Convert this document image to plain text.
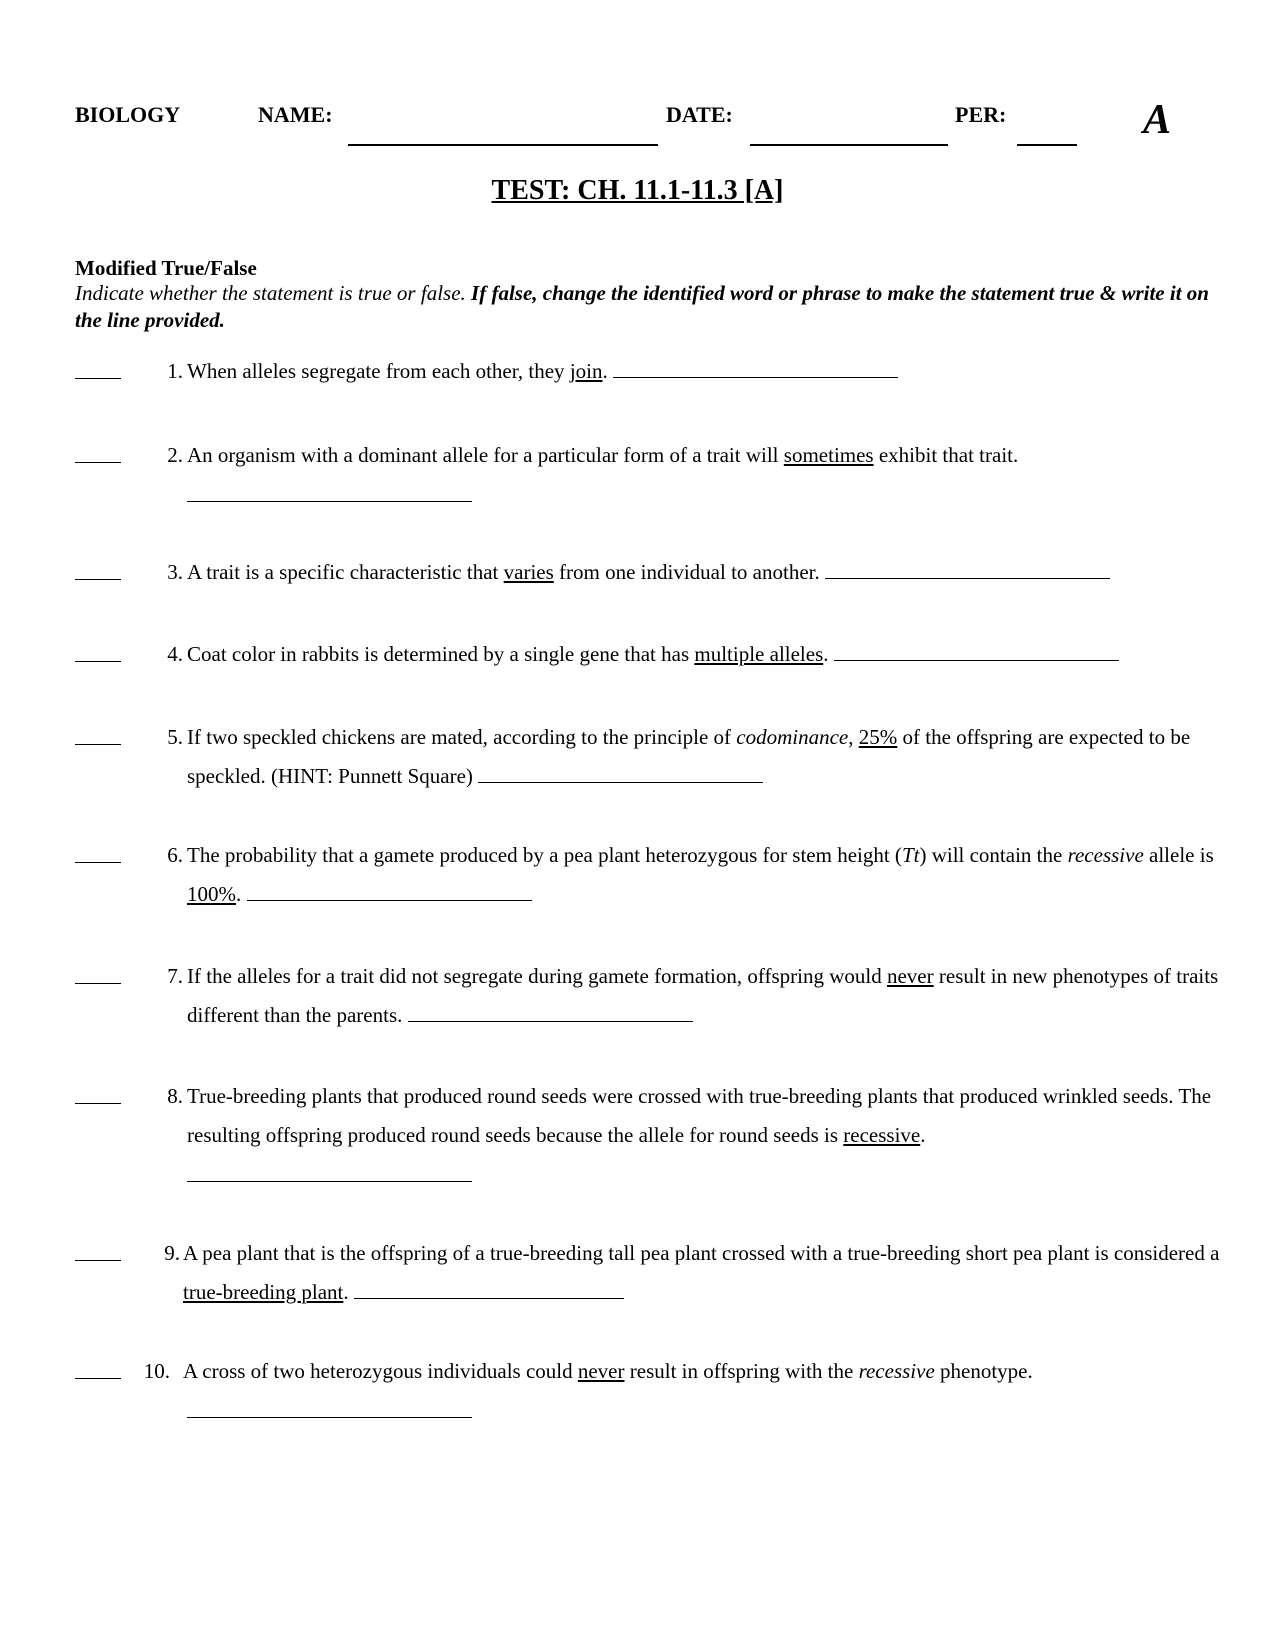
BIOLOGY	NAME:	DATE:	PER:	A
TEST: CH. 11.1-11.3 [A]
Modified True/False
Indicate whether the statement is true or false. If false, change the identified word or phrase to make the statement true & write it on the line provided.
1. When alleles segregate from each other, they join.
2. An organism with a dominant allele for a particular form of a trait will sometimes exhibit that trait.
3. A trait is a specific characteristic that varies from one individual to another.
4. Coat color in rabbits is determined by a single gene that has multiple alleles.
5. If two speckled chickens are mated, according to the principle of codominance, 25% of the offspring are expected to be speckled. (HINT: Punnett Square)
6. The probability that a gamete produced by a pea plant heterozygous for stem height (Tt) will contain the recessive allele is 100%.
7. If the alleles for a trait did not segregate during gamete formation, offspring would never result in new phenotypes of traits different than the parents.
8. True-breeding plants that produced round seeds were crossed with true-breeding plants that produced wrinkled seeds. The resulting offspring produced round seeds because the allele for round seeds is recessive.
9. A pea plant that is the offspring of a true-breeding tall pea plant crossed with a true-breeding short pea plant is considered a true-breeding plant.
10. A cross of two heterozygous individuals could never result in offspring with the recessive phenotype.
